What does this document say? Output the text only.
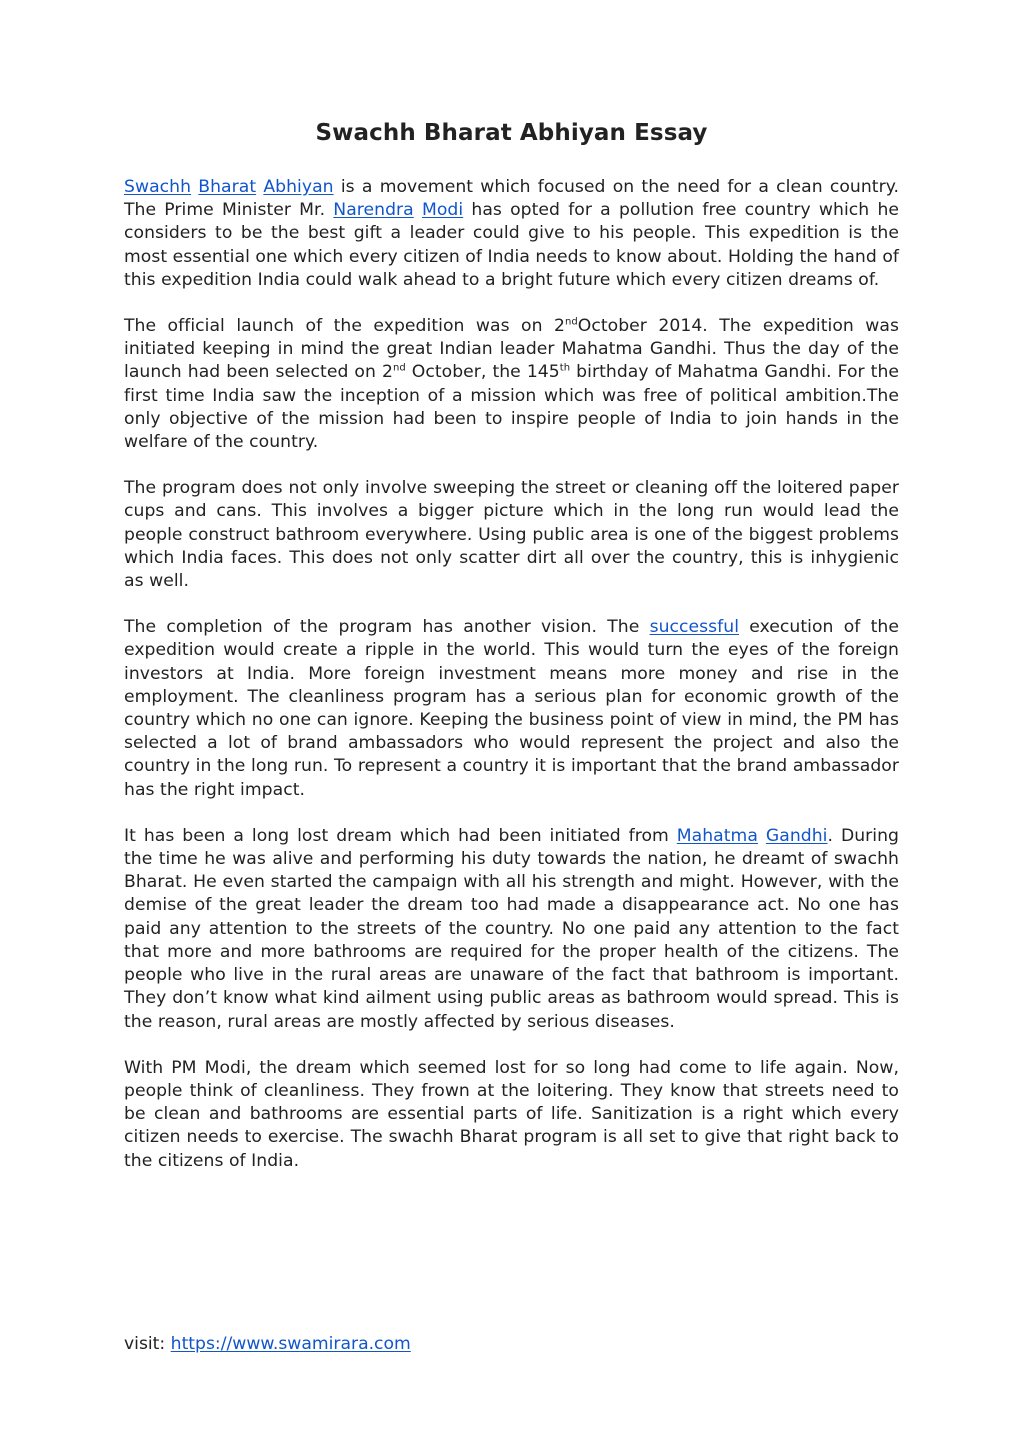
Swachh Bharat Abhiyan Essay

Swachh Bharat Abhiyan is a movement which focused on the need for a clean country. The Prime Minister Mr. Narendra Modi has opted for a pollution free country which he considers to be the best gift a leader could give to his people. This expedition is the most essential one which every citizen of India needs to know about. Holding the hand of this expedition India could walk ahead to a bright future which every citizen dreams of.

The official launch of the expedition was on 2ndOctober 2014. The expedition was initiated keeping in mind the great Indian leader Mahatma Gandhi. Thus the day of the launch had been selected on 2nd October, the 145th birthday of Mahatma Gandhi. For the first time India saw the inception of a mission which was free of political ambition.The only objective of the mission had been to inspire people of India to join hands in the welfare of the country.

The program does not only involve sweeping the street or cleaning off the loitered paper cups and cans. This involves a bigger picture which in the long run would lead the people construct bathroom everywhere. Using public area is one of the biggest problems which India faces. This does not only scatter dirt all over the country, this is inhygienic as well.

The completion of the program has another vision. The successful execution of the expedition would create a ripple in the world. This would turn the eyes of the foreign investors at India. More foreign investment means more money and rise in the employment. The cleanliness program has a serious plan for economic growth of the country which no one can ignore. Keeping the business point of view in mind, the PM has selected a lot of brand ambassadors who would represent the project and also the country in the long run. To represent a country it is important that the brand ambassador has the right impact.

It has been a long lost dream which had been initiated from Mahatma Gandhi. During the time he was alive and performing his duty towards the nation, he dreamt of swachh Bharat. He even started the campaign with all his strength and might. However, with the demise of the great leader the dream too had made a disappearance act. No one has paid any attention to the streets of the country. No one paid any attention to the fact that more and more bathrooms are required for the proper health of the citizens. The people who live in the rural areas are unaware of the fact that bathroom is important. They don’t know what kind ailment using public areas as bathroom would spread. This is the reason, rural areas are mostly affected by serious diseases.

With PM Modi, the dream which seemed lost for so long had come to life again. Now, people think of cleanliness. They frown at the loitering. They know that streets need to be clean and bathrooms are essential parts of life. Sanitization is a right which every citizen needs to exercise. The swachh Bharat program is all set to give that right back to the citizens of India.

visit: https://www.swamirara.com
